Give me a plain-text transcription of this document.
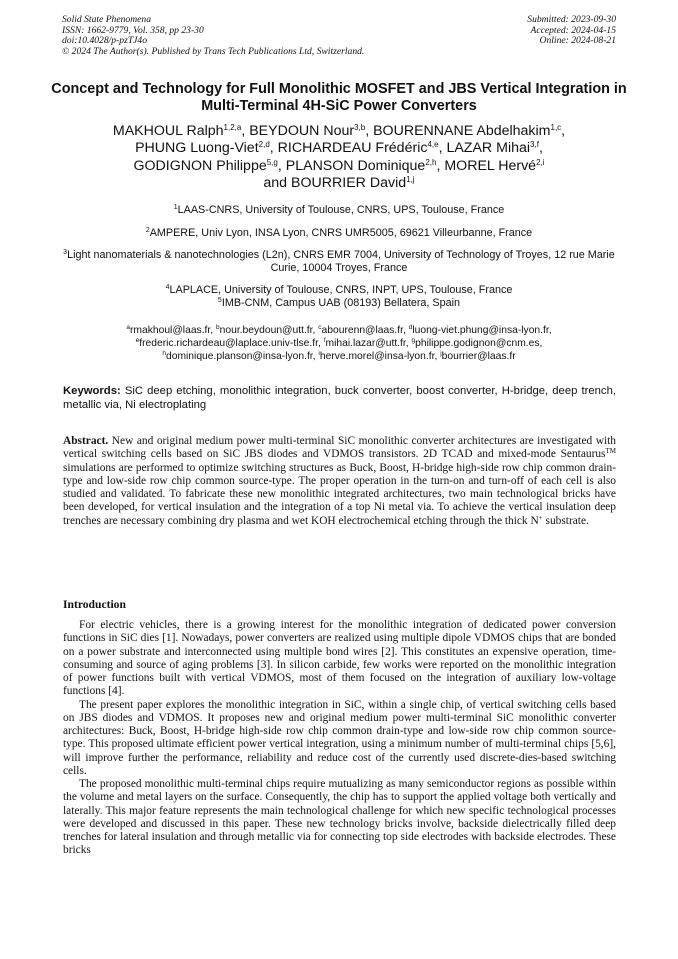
Solid State Phenomena
ISSN: 1662-9779, Vol. 358, pp 23-30
doi:10.4028/p-pzTJ4o
© 2024 The Author(s). Published by Trans Tech Publications Ltd, Switzerland.
Submitted: 2023-09-30
Accepted: 2024-04-15
Online: 2024-08-21
Concept and Technology for Full Monolithic MOSFET and JBS Vertical Integration in Multi-Terminal 4H-SiC Power Converters
MAKHOUL Ralph$^{1,2,a}$, BEYDOUN Nour$^{3,b}$, BOURENNANE Abdelhakim$^{1,c}$,
PHUNG Luong-Viet$^{2,d}$, RICHARDEAU Frédéric$^{4,e}$, LAZAR Mihai$^{3,f}$,
GODIGNON Philippe$^{5,g}$, PLANSON Dominique$^{2,h}$, MOREL Hervé$^{2,i}$
and BOURRIER David$^{1,j}$
$^1$LAAS-CNRS, University of Toulouse, CNRS, UPS, Toulouse, France
$^2$AMPERE, Univ Lyon, INSA Lyon, CNRS UMR5005, 69621 Villeurbanne, France
$^3$Light nanomaterials & nanotechnologies (L2n), CNRS EMR 7004, University of Technology of Troyes, 12 rue Marie Curie, 10004 Troyes, France
$^4$LAPLACE, University of Toulouse, CNRS, INPT, UPS, Toulouse, France
$^5$IMB-CNM, Campus UAB (08193) Bellatera, Spain
$^a$rmakhoul@laas.fr, $^b$nour.beydoun@utt.fr, $^c$abourenn@laas.fr, $^d$luong-viet.phung@insa-lyon.fr,
$^e$frederic.richardeau@laplace.univ-tlse.fr, $^f$mihai.lazar@utt.fr, $^g$philippe.godignon@cnm.es,
$^h$dominique.planson@insa-lyon.fr, $^i$herve.morel@insa-lyon.fr, $^j$bourrier@laas.fr
Keywords: SiC deep etching, monolithic integration, buck converter, boost converter, H-bridge, deep trench, metallic via, Ni electroplating

Abstract. New and original medium power multi-terminal SiC monolithic converter architectures are investigated with vertical switching cells based on SiC JBS diodes and VDMOS transistors. 2D TCAD and mixed-mode Sentaurus™ simulations are performed to optimize switching structures as Buck, Boost, H-bridge high-side row chip common drain-type and low-side row chip common source-type. The proper operation in the turn-on and turn-off of each cell is also studied and validated. To fabricate these new monolithic integrated architectures, two main technological bricks have been developed, for vertical insulation and the integration of a top Ni metal via. To achieve the vertical insulation deep trenches are necessary combining dry plasma and wet KOH electrochemical etching through the thick N+ substrate.

Introduction

For electric vehicles, there is a growing interest for the monolithic integration of dedicated power conversion functions in SiC dies [1]. Nowadays, power converters are realized using multiple dipole VDMOS chips that are bonded on a power substrate and interconnected using multiple bond wires [2]. This constitutes an expensive operation, time-consuming and source of aging problems [3]. In silicon carbide, few works were reported on the monolithic integration of power functions built with vertical VDMOS, most of them focused on the integration of auxiliary low-voltage functions [4].

The present paper explores the monolithic integration in SiC, within a single chip, of vertical switching cells based on JBS diodes and VDMOS. It proposes new and original medium power multi-terminal SiC monolithic converter architectures: Buck, Boost, H-bridge high-side row chip common drain-type and low-side row chip common source-type. This proposed ultimate efficient power vertical integration, using a minimum number of multi-terminal chips [5,6], will improve further the performance, reliability and reduce cost of the currently used discrete-dies-based switching cells.

The proposed monolithic multi-terminal chips require mutualizing as many semiconductor regions as possible within the volume and metal layers on the surface. Consequently, the chip has to support the applied voltage both vertically and laterally. This major feature represents the main technological challenge for which new specific technological processes were developed and discussed in this paper. These new technology bricks involve, backside dielectrically filled deep trenches for lateral insulation and through metallic via for connecting top side electrodes with backside electrodes. These bricks
